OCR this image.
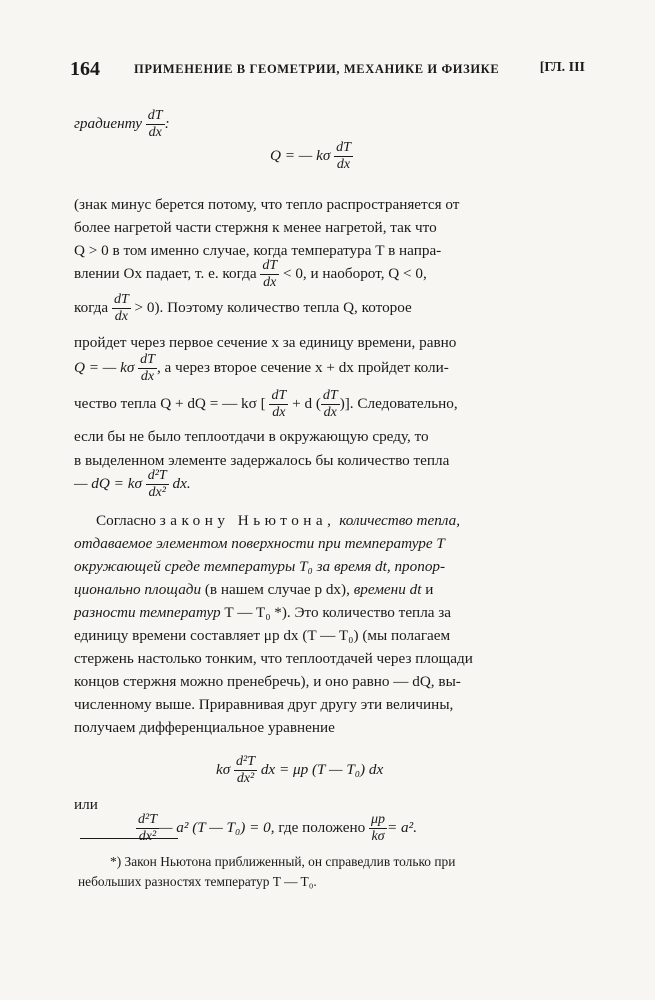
164	ПРИМЕНЕНИЕ В ГЕОМЕТРИИ, МЕХАНИКЕ И ФИЗИКЕ	[ГЛ. III
градиенту $\frac{dT}{dx}$ :
Q = — kσ $\frac{dT}{dx}$
(знак минус берется потому, что тепло распространяется от
более нагретой части стержня к менее нагретой, так что
Q > 0 в том именно случае, когда температура T в напра-
влении Ox падает, т. е. когда $\frac{dT}{dx} < 0$, и наоборот, Q < 0,
когда $\frac{dT}{dx} > 0$). Поэтому количество тепла Q, которое
пройдет через первое сечение x за единицу времени, равно
Q = — kσ $\frac{dT}{dx}$ , а через второе сечение x + dx пройдет коли-
чество тепла Q + dQ = — kσ [ $\frac{dT}{dx} + d$ ( $\frac{dT}{dx}$ )]. Следовательно,
если бы не было теплоотдачи в окружающую среду, то
в выделенном элементе задержалось бы количество тепла
— dQ = kσ $\frac{\text{d²T}}{\text{dx²}}$ dx.
Согласно закону Ньютона, количество тепла,
отдаваемое элементом поверхности при температуре T
окружающей среде температуры T₀ за время dt, пропор-
ционально площади (в нашем случае p dx), времени dt и
разности температур T — T₀ *). Это количество тепла за
единицу времени составляет μp dx (T — T₀) (мы полагаем
стержень настолько тонким, что теплоотдачей через площади
концов стержня можно пренебречь), и оно равно — dQ, вы-
численному выше. Приравнивая друг другу эти величины,
получаем дифференциальное уравнение
kσ $\frac{\text{d²T}}{\text{dx²}}$ dx = μp (T — T₀) dx
или
$\frac{\text{d²T}}{\text{dx²}}$ — a² (T — T₀) = 0, где положено $\frac{\mu p}{k\sigma} = a^2$.
*) Закон Ньютона приближенный, он справедлив только при
небольших разностях температур T — T₀.
